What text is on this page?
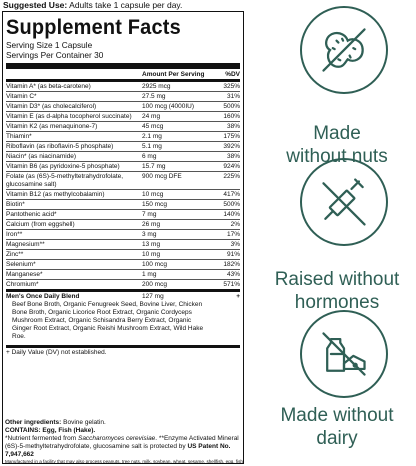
Suggested Use: Adults take 1 capsule per day.
Supplement Facts
Serving Size 1 Capsule
Servings Per Container 30
Amount Per Serving	%DV
Vitamin A* (as beta-carotene)	2925 mcg	325%
Vitamin C*	27.5 mg	31%
Vitamin D3* (as cholecalciferol)	100 mcg (4000IU)	500%
Vitamin E (as d-alpha tocopherol succinate)	24 mg	160%
Vitamin K2 (as menaquinone-7)	45 mcg	38%
Thiamin*	2.1 mg	175%
Riboflavin (as riboflavin-5 phosphate)	5.1 mg	392%
Niacin* (as niacinamide)	6 mg	38%
Vitamin B6 (as pyridoxine-5 phosphate)	15.7 mg	924%
Folate (as (6S)-5-methyltetrahydrofolate, glucosamine salt)
900 mcg DFE	225%
Vitamin B12 (as methylcobalamin)	10 mcg	417%
Biotin*	150 mcg	500%
Pantothenic acid*	7 mg	140%
Calcium (from eggshell)	26 mg	2%
Iron**	3 mg	17%
Magnesium**	13 mg	3%
Zinc**	10 mg	91%
Selenium*	100 mcg	182%
Manganese*	1 mg	43%
Chromium*	200 mcg	571%
Men's Once Daily Blend	127 mg	+
Beef Bone Broth, Organic Fenugreek Seed, Bovine Liver, Chicken Bone Broth, Organic Licorice Root Extract, Organic Cordyceps Mushroom Extract, Organic Schisandra Berry Extract, Organic Ginger Root Extract, Organic Reishi Mushroom Extract, Wild Hake Roe.
+ Daily Value (DV) not established.
Other ingredients: Bovine gelatin.
CONTAINS: Egg, Fish (Hake).
*Nutrient fermented from Saccharomyces cerevisiae. **Enzyme Activated Mineral
(6S)-5-methyltetrahydrofolate, glucosamine salt is protected by US Patent No. 7,947,662
Manufactured in a facility that may also process peanuts, tree nuts, milk, soybean, wheat, sesame, shellfish, egg, fish.
Made
without nuts
Raised without
hormones
Made without
dairy
